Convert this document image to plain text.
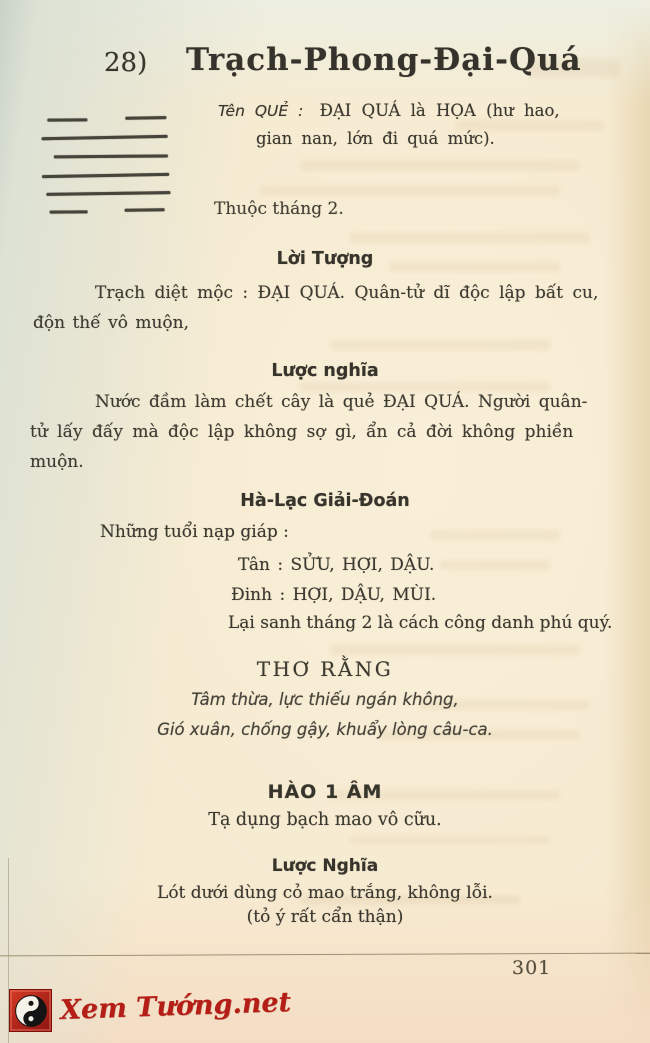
28) Trạch-Phong-Đại-Quá
Tên QUẺ : ĐẠI QUÁ là HỌA (hư hao,
gian nan, lớn đi quá mức).
Thuộc tháng 2.
Lời Tượng
Trạch diệt mộc : ĐẠI QUÁ. Quân-tử dĩ độc lập bất cu,
độn thế vô muộn,
Lược nghĩa
Nước đầm làm chết cây là quẻ ĐẠI QUÁ. Người quân-
tử lấy đấy mà độc lập không sợ gì, ẩn cả đời không phiền
muộn.
Hà-Lạc Giải-Đoán
Những tuổi nạp giáp :
Tân : SỬU, HỢI, DẬU.
Đinh : HỢI, DẬU, MÙI.
Lại sanh tháng 2 là cách công danh phú quý.
THƠ RẰNG
Tâm thừa, lực thiếu ngán không,
Gió xuân, chống gậy, khuẩy lòng câu-ca.
HÀO 1 ÂM
Tạ dụng bạch mao vô cữu.
Lược Nghĩa
Lót dưới dùng cỏ mao trắng, không lỗi.
(tỏ ý rất cẩn thận)
301
Xem Tướng.net
